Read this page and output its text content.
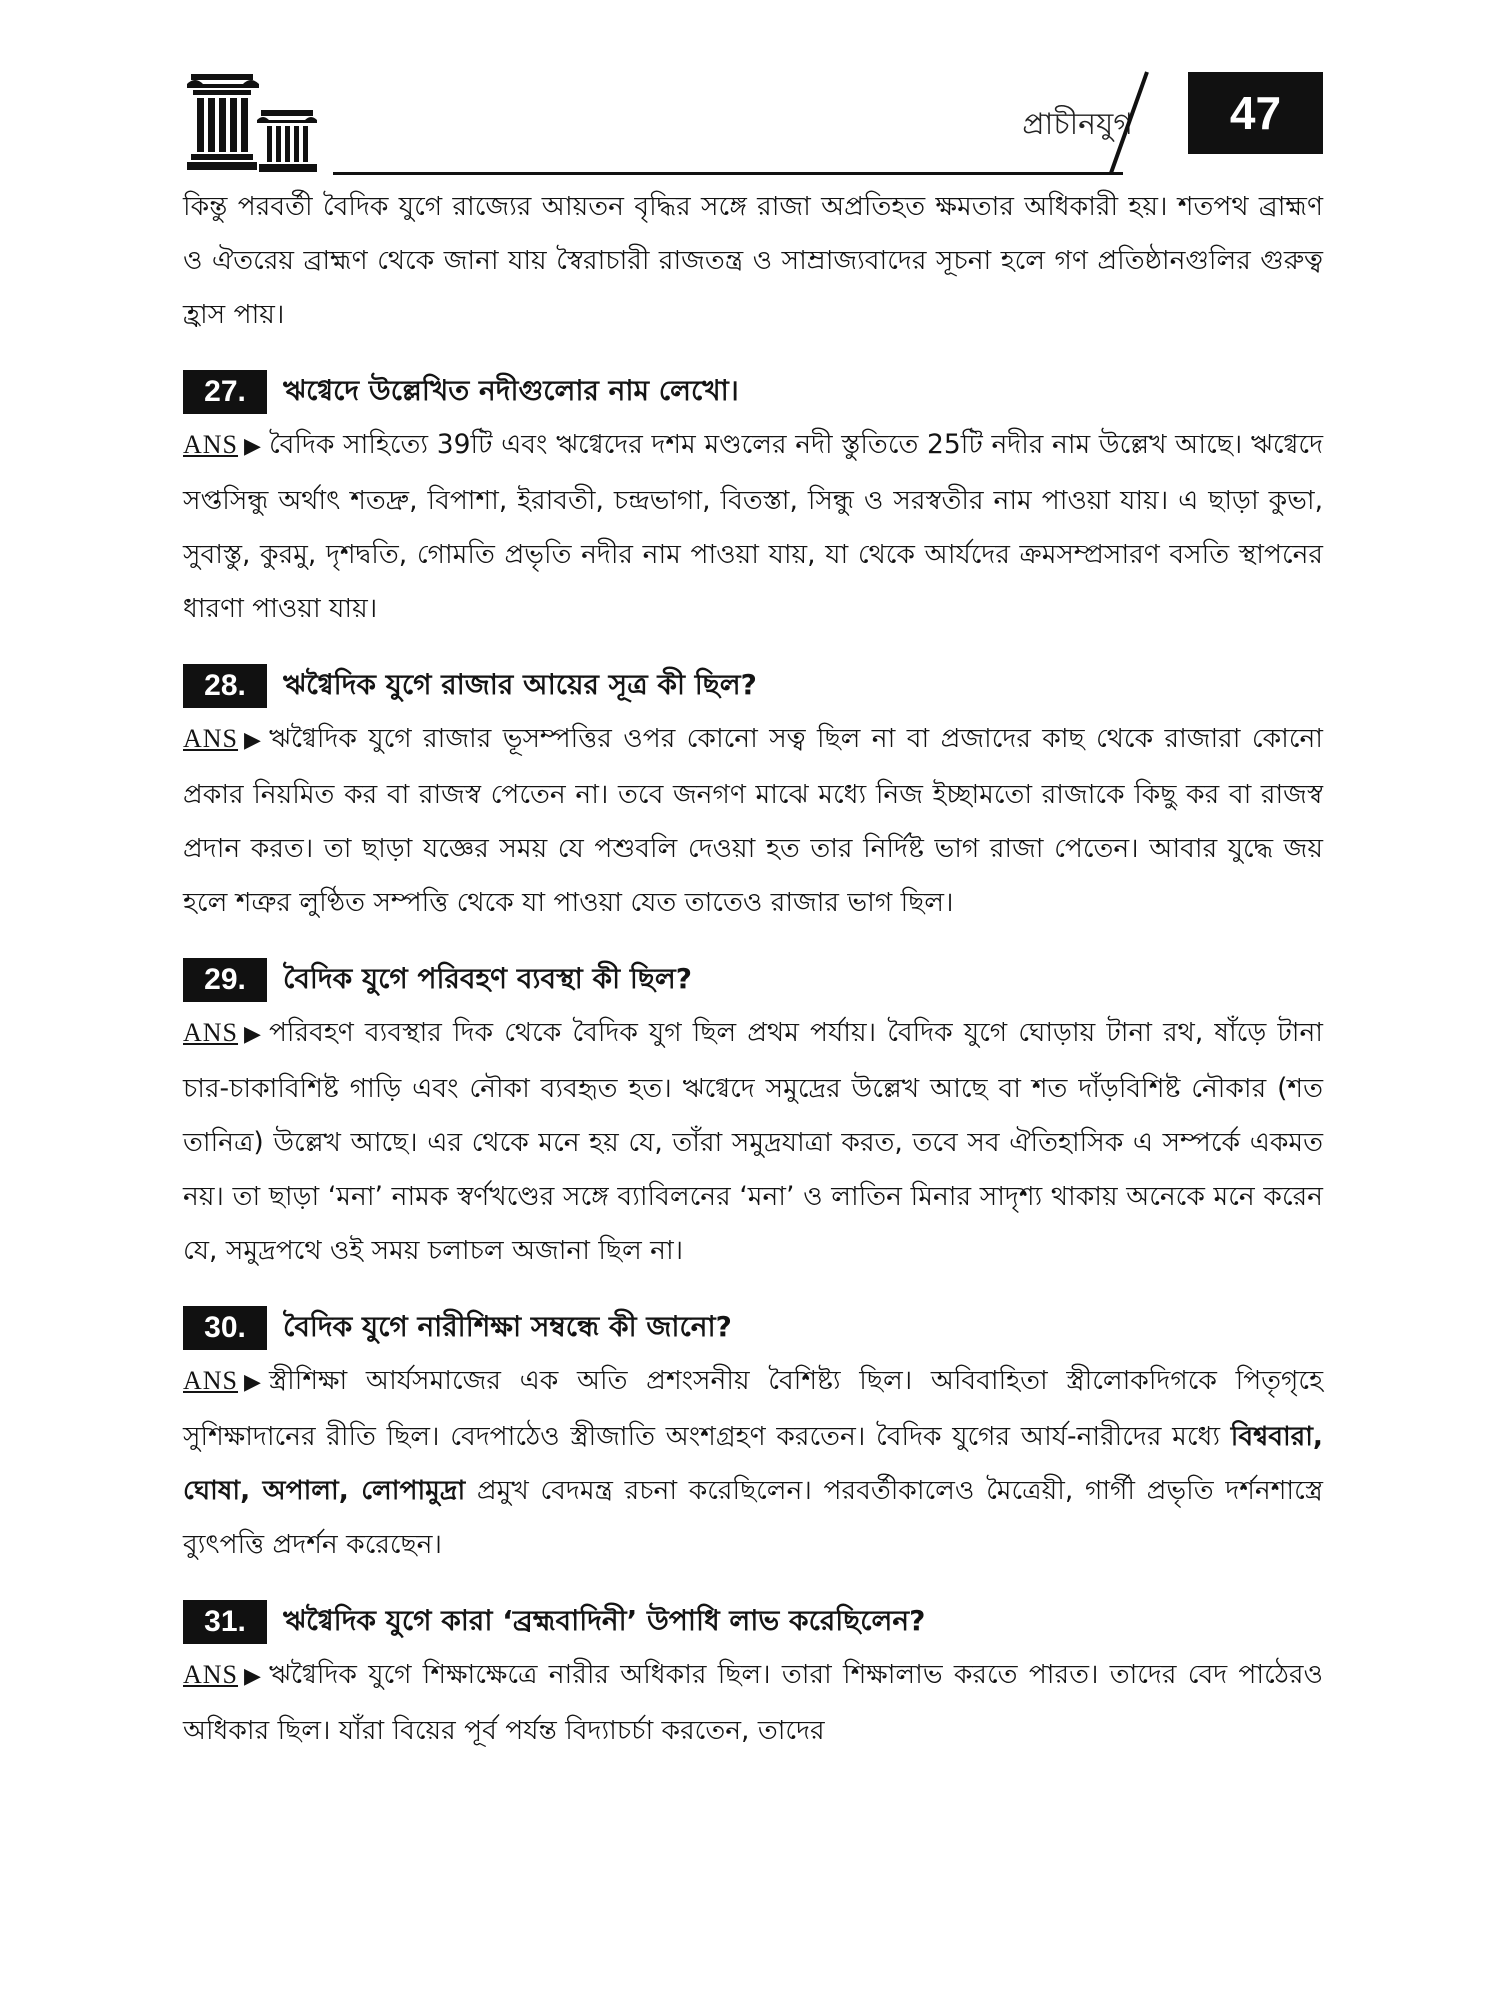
প্রাচীনযুগ	47

কিন্তু পরবর্তী বৈদিক যুগে রাজ্যের আয়তন বৃদ্ধির সঙ্গে রাজা অপ্রতিহত ক্ষমতার অধিকারী হয়। শতপথ ব্রাহ্মণ ও ঐতরেয় ব্রাহ্মণ থেকে জানা যায় স্বৈরাচারী রাজতন্ত্র ও সাম্রাজ্যবাদের সূচনা হলে গণ প্রতিষ্ঠানগুলির গুরুত্ব হ্রাস পায়।

27.	ঋগ্বেদে উল্লেখিত নদীগুলোর নাম লেখো।

ANS ▶ বৈদিক সাহিত্যে 39টি এবং ঋগ্বেদের দশম মণ্ডলের নদী স্তুতিতে 25টি নদীর নাম উল্লেখ আছে। ঋগ্বেদে সপ্তসিন্ধু অর্থাৎ শতদ্রু, বিপাশা, ইরাবতী, চন্দ্রভাগা, বিতস্তা, সিন্ধু ও সরস্বতীর নাম পাওয়া যায়। এ ছাড়া কুভা, সুবাস্তু, কুরমু, দৃশদ্বতি, গোমতি প্রভৃতি নদীর নাম পাওয়া যায়, যা থেকে আর্যদের ক্রমসম্প্রসারণ বসতি স্থাপনের ধারণা পাওয়া যায়।

28.	ঋগ্বৈদিক যুগে রাজার আয়ের সূত্র কী ছিল?

ANS ▶ ঋগ্বৈদিক যুগে রাজার ভূসম্পত্তির ওপর কোনো সত্ব ছিল না বা প্রজাদের কাছ থেকে রাজারা কোনো প্রকার নিয়মিত কর বা রাজস্ব পেতেন না। তবে জনগণ মাঝে মধ্যে নিজ ইচ্ছামতো রাজাকে কিছু কর বা রাজস্ব প্রদান করত। তা ছাড়া যজ্ঞের সময় যে পশুবলি দেওয়া হত তার নির্দিষ্ট ভাগ রাজা পেতেন। আবার যুদ্ধে জয় হলে শত্রুর লুণ্ঠিত সম্পত্তি থেকে যা পাওয়া যেত তাতেও রাজার ভাগ ছিল।

29.	বৈদিক যুগে পরিবহণ ব্যবস্থা কী ছিল?

ANS ▶ পরিবহণ ব্যবস্থার দিক থেকে বৈদিক যুগ ছিল প্রথম পর্যায়। বৈদিক যুগে ঘোড়ায় টানা রথ, ষাঁড়ে টানা চার-চাকাবিশিষ্ট গাড়ি এবং নৌকা ব্যবহৃত হত। ঋগ্বেদে সমুদ্রের উল্লেখ আছে বা শত দাঁড়বিশিষ্ট নৌকার (শত তানিত্র) উল্লেখ আছে। এর থেকে মনে হয় যে, তাঁরা সমুদ্রযাত্রা করত, তবে সব ঐতিহাসিক এ সম্পর্কে একমত নয়। তা ছাড়া ‘মনা’ নামক স্বর্ণখণ্ডের সঙ্গে ব্যাবিলনের ‘মনা’ ও লাতিন মিনার সাদৃশ্য থাকায় অনেকে মনে করেন যে, সমুদ্রপথে ওই সময় চলাচল অজানা ছিল না।

30.	বৈদিক যুগে নারীশিক্ষা সম্বন্ধে কী জানো?

ANS ▶ স্ত্রীশিক্ষা আর্যসমাজের এক অতি প্রশংসনীয় বৈশিষ্ট্য ছিল। অবিবাহিতা স্ত্রীলোকদিগকে পিতৃগৃহে সুশিক্ষাদানের রীতি ছিল। বেদপাঠেও স্ত্রীজাতি অংশগ্রহণ করতেন। বৈদিক যুগের আর্য-নারীদের মধ্যে বিশ্ববারা, ঘোষা, অপালা, লোপামুদ্রা প্রমুখ বেদমন্ত্র রচনা করেছিলেন। পরবর্তীকালেও মৈত্রেয়ী, গার্গী প্রভৃতি দর্শনশাস্ত্রে ব্যুৎপত্তি প্রদর্শন করেছেন।

31.	ঋগ্বৈদিক যুগে কারা ‘ব্রহ্মবাদিনী’ উপাধি লাভ করেছিলেন?

ANS ▶ ঋগ্বৈদিক যুগে শিক্ষাক্ষেত্রে নারীর অধিকার ছিল। তারা শিক্ষালাভ করতে পারত। তাদের বেদ পাঠেরও অধিকার ছিল। যাঁরা বিয়ের পূর্ব পর্যন্ত বিদ্যাচর্চা করতেন, তাদের
